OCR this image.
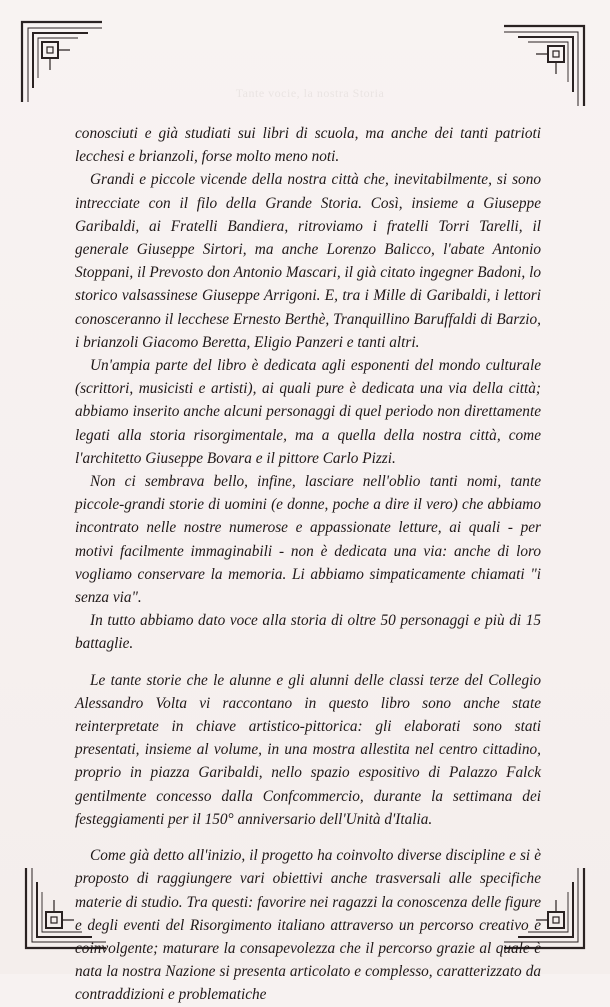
Tante vocie, la nostra Storia

conosciuti e già studiati sui libri di scuola, ma anche dei tanti patrioti lecchesi e brianzoli, forse molto meno noti.

Grandi e piccole vicende della nostra città che, inevitabilmente, si sono intrecciate con il filo della Grande Storia. Così, insieme a Giuseppe Garibaldi, ai Fratelli Bandiera, ritroviamo i fratelli Torri Tarelli, il generale Giuseppe Sirtori, ma anche Lorenzo Balicco, l'abate Antonio Stoppani, il Prevosto don Antonio Mascari, il già citato ingegner Badoni, lo storico valsassinese Giuseppe Arrigoni. E, tra i Mille di Garibaldi, i lettori conosceranno il lecchese Ernesto Berthè, Tranquillino Baruffaldi di Barzio, i brianzoli Giacomo Beretta, Eligio Panzeri e tanti altri.

Un'ampia parte del libro è dedicata agli esponenti del mondo culturale (scrittori, musicisti e artisti), ai quali pure è dedicata una via della città; abbiamo inserito anche alcuni personaggi di quel periodo non direttamente legati alla storia risorgimentale, ma a quella della nostra città, come l'architetto Giuseppe Bovara e il pittore Carlo Pizzi.

Non ci sembrava bello, infine, lasciare nell'oblio tanti nomi, tante piccole-grandi storie di uomini (e donne, poche a dire il vero) che abbiamo incontrato nelle nostre numerose e appassionate letture, ai quali - per motivi facilmente immaginabili - non è dedicata una via: anche di loro vogliamo conservare la memoria. Li abbiamo simpaticamente chiamati "i senza via".

In tutto abbiamo dato voce alla storia di oltre 50 personaggi e più di 15 battaglie.

Le tante storie che le alunne e gli alunni delle classi terze del Collegio Alessandro Volta vi raccontano in questo libro sono anche state reinterpretate in chiave artistico-pittorica: gli elaborati sono stati presentati, insieme al volume, in una mostra allestita nel centro cittadino, proprio in piazza Garibaldi, nello spazio espositivo di Palazzo Falck gentilmente concesso dalla Confcommercio, durante la settimana dei festeggiamenti per il 150° anniversario dell'Unità d'Italia.

Come già detto all'inizio, il progetto ha coinvolto diverse discipline e si è proposto di raggiungere vari obiettivi anche trasversali alle specifiche materie di studio. Tra questi: favorire nei ragazzi la conoscenza delle figure e degli eventi del Risorgimento italiano attraverso un percorso creativo e coinvolgente; maturare la consapevolezza che il percorso grazie al quale è nata la nostra Nazione si presenta articolato e complesso, caratterizzato da contraddizioni e problematiche
